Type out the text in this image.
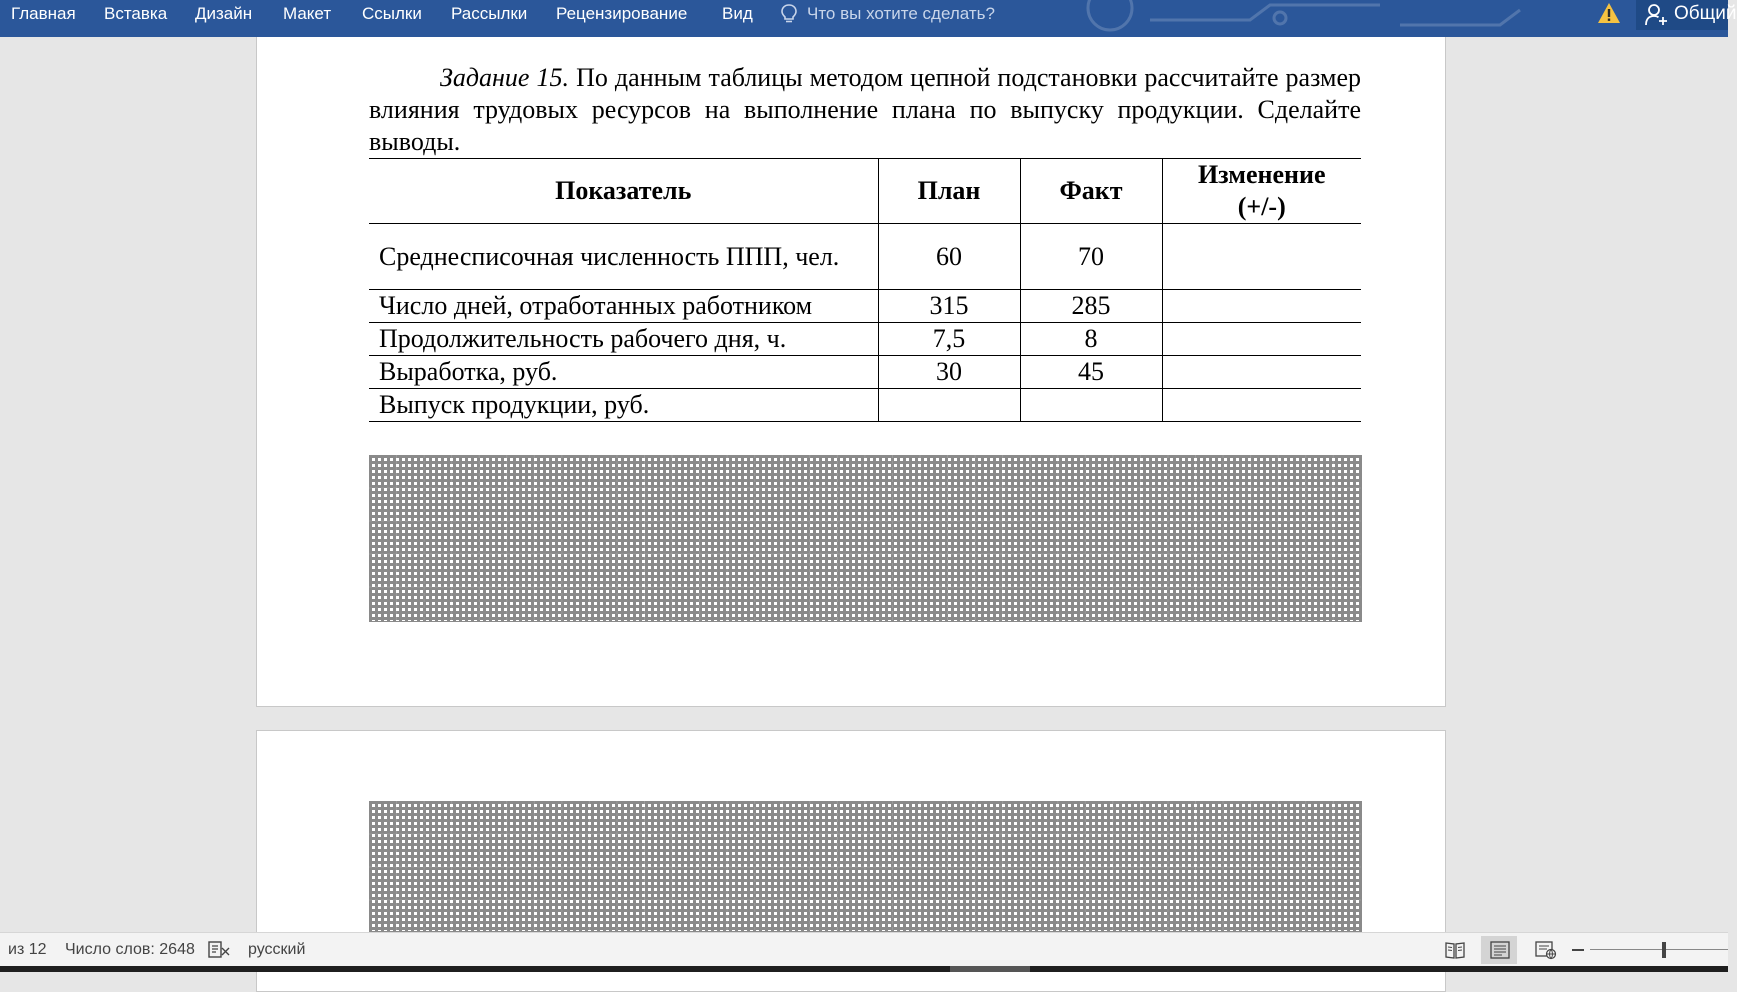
Главная Вставка Дизайн Макет Ссылки Рассылки Рецензирование Вид	Что вы хотите сделать?	Общий

Задание 15. По данным таблицы методом цепной подстановки рассчитайте размер влияния трудовых ресурсов на выполнение плана по выпуску продукции. Сделайте выводы.

Показатель	План	Факт	Изменение (+/-)
Среднесписочная численность ППП, чел.	60	70	
Число дней, отработанных работником	315	285	
Продолжительность рабочего дня, ч.	7,5	8	
Выработка, руб.	30	45	
Выпуск продукции, руб.			
из 12 Число слов: 2648	русский
